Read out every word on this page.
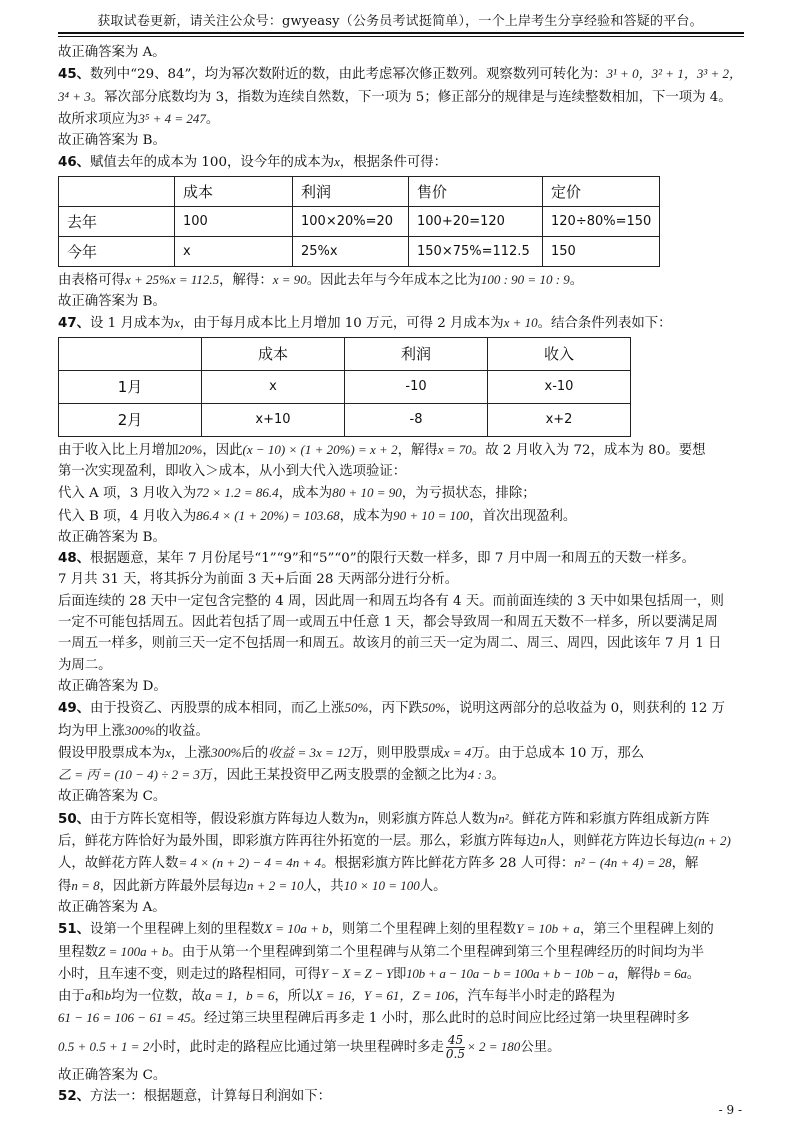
获取试卷更新，请关注公众号：gwyeasy（公务员考试挺简单），一个上岸考生分享经验和答疑的平台。
故正确答案为 A。
45、数列中“29、84”，均为幂次数附近的数，由此考虑幂次修正数列。观察数列可转化为：3¹ + 0，3² + 1，3³ + 2，
3⁴ + 3。幂次部分底数均为 3，指数为连续自然数，下一项为 5；修正部分的规律是与连续整数相加，下一项为 4。
故所求项应为3⁵ + 4 = 247。
故正确答案为 B。
46、赋值去年的成本为 100，设今年的成本为x，根据条件可得：
	成本	利润	售价	定价
去年	100	100×20%=20	100+20=120	120÷80%=150
今年	x	25%x	150×75%=112.5	150
由表格可得x + 25%x = 112.5，解得：x = 90。因此去年与今年成本之比为100 : 90 = 10 : 9。
故正确答案为 B。
47、设 1 月成本为x，由于每月成本比上月增加 10 万元，可得 2 月成本为x + 10。结合条件列表如下：
	成本	利润	收入
1月	x	-10	x-10
2月	x+10	-8	x+2
由于收入比上月增加20%，因此(x − 10) × (1 + 20%) = x + 2，解得x = 70。故 2 月收入为 72，成本为 80。要想
第一次实现盈利，即收入＞成本，从小到大代入选项验证：
代入 A 项，3 月收入为72 × 1.2 = 86.4，成本为80 + 10 = 90，为亏损状态，排除；
代入 B 项，4 月收入为86.4 × (1 + 20%) = 103.68，成本为90 + 10 = 100，首次出现盈利。
故正确答案为 B。
48、根据题意，某年 7 月份尾号“1”“9”和“5”“0”的限行天数一样多，即 7 月中周一和周五的天数一样多。
7 月共 31 天，将其拆分为前面 3 天+后面 28 天两部分进行分析。
后面连续的 28 天中一定包含完整的 4 周，因此周一和周五均各有 4 天。而前面连续的 3 天中如果包括周一，则
一定不可能包括周五。因此若包括了周一或周五中任意 1 天，都会导致周一和周五天数不一样多，所以要满足周
一周五一样多，则前三天一定不包括周一和周五。故该月的前三天一定为周二、周三、周四，因此该年 7 月 1 日
为周二。
故正确答案为 D。
49、由于投资乙、丙股票的成本相同，而乙上涨50%，丙下跌50%，说明这两部分的总收益为 0，则获利的 12 万
均为甲上涨300%的收益。
假设甲股票成本为x，上涨300%后的收益 = 3x = 12万，则甲股票成x = 4万。由于总成本 10 万，那么
乙 = 丙 = (10 − 4) ÷ 2 = 3万，因此王某投资甲乙两支股票的金额之比为4 : 3。
故正确答案为 C。
50、由于方阵长宽相等，假设彩旗方阵每边人数为n，则彩旗方阵总人数为n²。鲜花方阵和彩旗方阵组成新方阵
后，鲜花方阵恰好为最外围，即彩旗方阵再往外拓宽的一层。那么，彩旗方阵每边n人，则鲜花方阵边长每边(n + 2)
人，故鲜花方阵人数= 4 × (n + 2) − 4 = 4n + 4。根据彩旗方阵比鲜花方阵多 28 人可得：n² − (4n + 4) = 28，解
得n = 8，因此新方阵最外层每边n + 2 = 10人，共10 × 10 = 100人。
故正确答案为 A。
51、设第一个里程碑上刻的里程数X = 10a + b，则第二个里程碑上刻的里程数Y = 10b + a，第三个里程碑上刻的
里程数Z = 100a + b。由于从第一个里程碑到第二个里程碑与从第二个里程碑到第三个里程碑经历的时间均为半
小时，且车速不变，则走过的路程相同，可得Y − X = Z − Y即10b + a − 10a − b = 100a + b − 10b − a，解得b = 6a。
由于a和b均为一位数，故a = 1，b = 6，所以X = 16，Y = 61，Z = 106，汽车每半小时走的路程为
61 − 16 = 106 − 61 = 45。经过第三块里程碑后再多走 1 小时，那么此时的总时间应比经过第一块里程碑时多
0.5 + 0.5 + 1 = 2小时，此时走的路程应比通过第一块里程碑时多走 $\frac{45}{0.5} \times 2 = 180$公里。
故正确答案为 C。
52、方法一：根据题意，计算每日利润如下：
- 9 -
